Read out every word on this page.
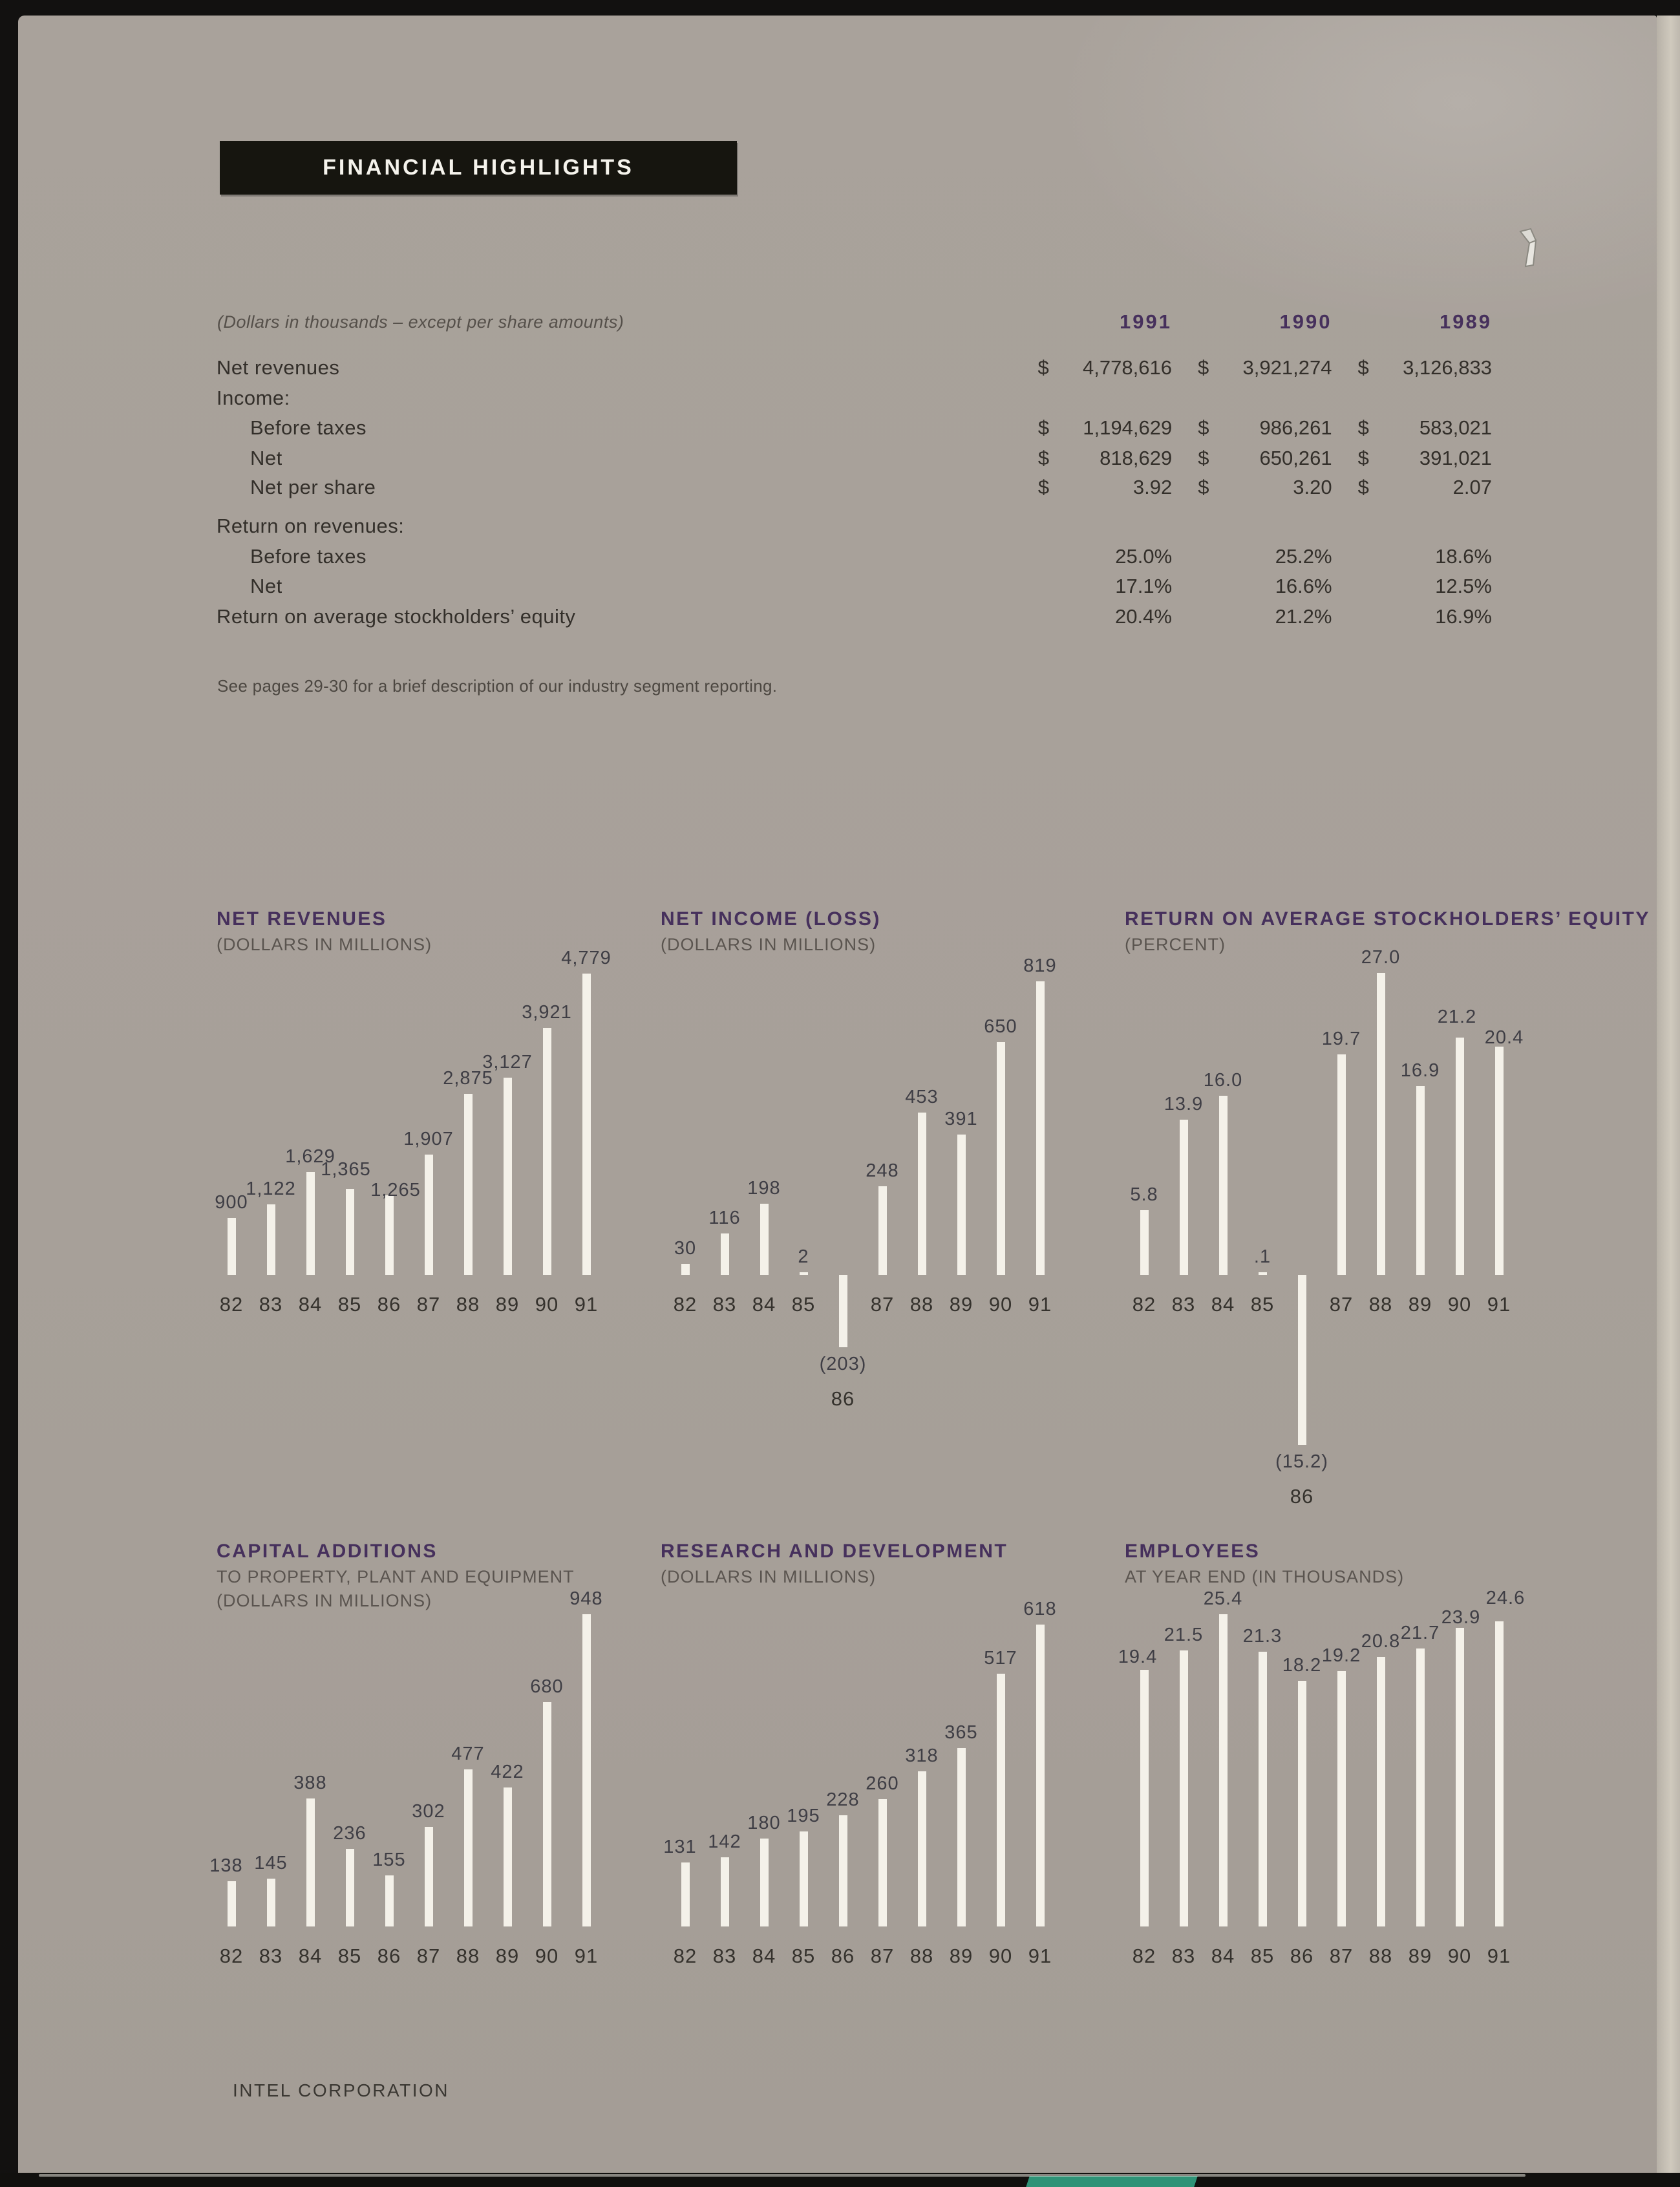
FINANCIAL HIGHLIGHTS
(Dollars in thousands – except per share amounts)	1991	1990	1989
Net revenues	$ 4,778,616 $ 3,921,274 $ 3,126,833
Income:
Before taxes	$ 1,194,629 $	986,261 $	583,021
Net	$	818,629 $	650,261 $	391,021
Net per share	$	3.92 $	3.20 $	2.07
Return on revenues:
Before taxes	25.0%	25.2%	18.6%
Net	17.1%	16.6%	12.5%
Return on average stockholders’ equity	20.4%	21.2%	16.9%
See pages 29-30 for a brief description of our industry segment reporting.
NET REVENUES
(DOLLARS IN MILLIONS)
900
82
1,122
83
1,629
84
1,365
85
1,265
86
1,907
87
2,875
88
3,127
89
3,921
90
4,779
91
NET INCOME (LOSS)
(DOLLARS IN MILLIONS)
30
82
116
83
198
84
2
85
(203)
86
248
87
453
88
391
89
650
90
819
91
RETURN ON AVERAGE STOCKHOLDERS’ EQUITY
(PERCENT)
5.8
82
13.9
83
16.0
84
.1
85
(15.2)
86
19.7
87
27.0
88
16.9
89
21.2
90
20.4
91
CAPITAL ADDITIONS
TO PROPERTY, PLANT AND EQUIPMENT
(DOLLARS IN MILLIONS)
138
82
145
83
388
84
236
85
155
86
302
87
477
88
422
89
680
90
948
91
RESEARCH AND DEVELOPMENT
(DOLLARS IN MILLIONS)
131
82
142
83
180
84
195
85
228
86
260
87
318
88
365
89
517
90
618
91
EMPLOYEES
AT YEAR END (IN THOUSANDS)
19.4
82
21.5
83
25.4
84
21.3
85
18.2
86
19.2
87
20.8
88
21.7
89
23.9
90
24.6
91
INTEL CORPORATION
